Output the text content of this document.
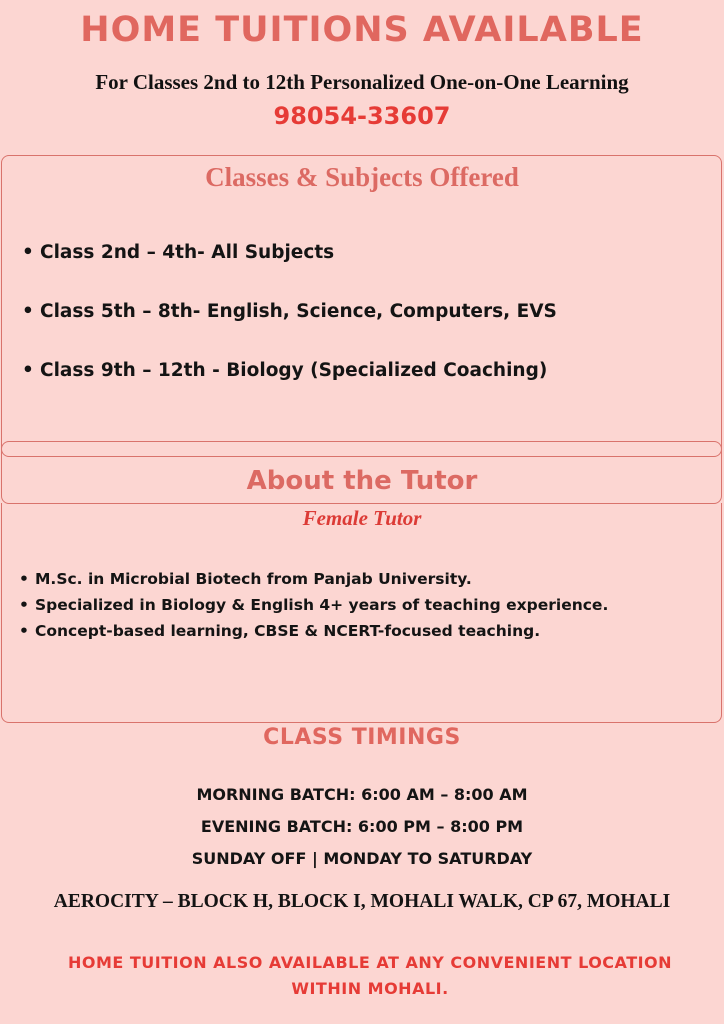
HOME TUITIONS AVAILABLE
For Classes 2nd to 12th Personalized One-on-One Learning
98054-33607
Classes & Subjects Offered
• Class 2nd – 4th- All Subjects
• Class 5th – 8th- English, Science, Computers, EVS
• Class 9th – 12th - Biology (Specialized Coaching)
About the Tutor
Female Tutor
• M.Sc. in Microbial Biotech from Panjab University.
• Specialized in Biology & English 4+ years of teaching experience.
• Concept-based learning, CBSE & NCERT-focused teaching.
CLASS TIMINGS
MORNING BATCH: 6:00 AM – 8:00 AM
EVENING BATCH: 6:00 PM – 8:00 PM
SUNDAY OFF | MONDAY TO SATURDAY
AEROCITY – BLOCK H, BLOCK I, MOHALI WALK, CP 67, MOHALI
HOME TUITION ALSO AVAILABLE AT ANY CONVENIENT LOCATION WITHIN MOHALI.
